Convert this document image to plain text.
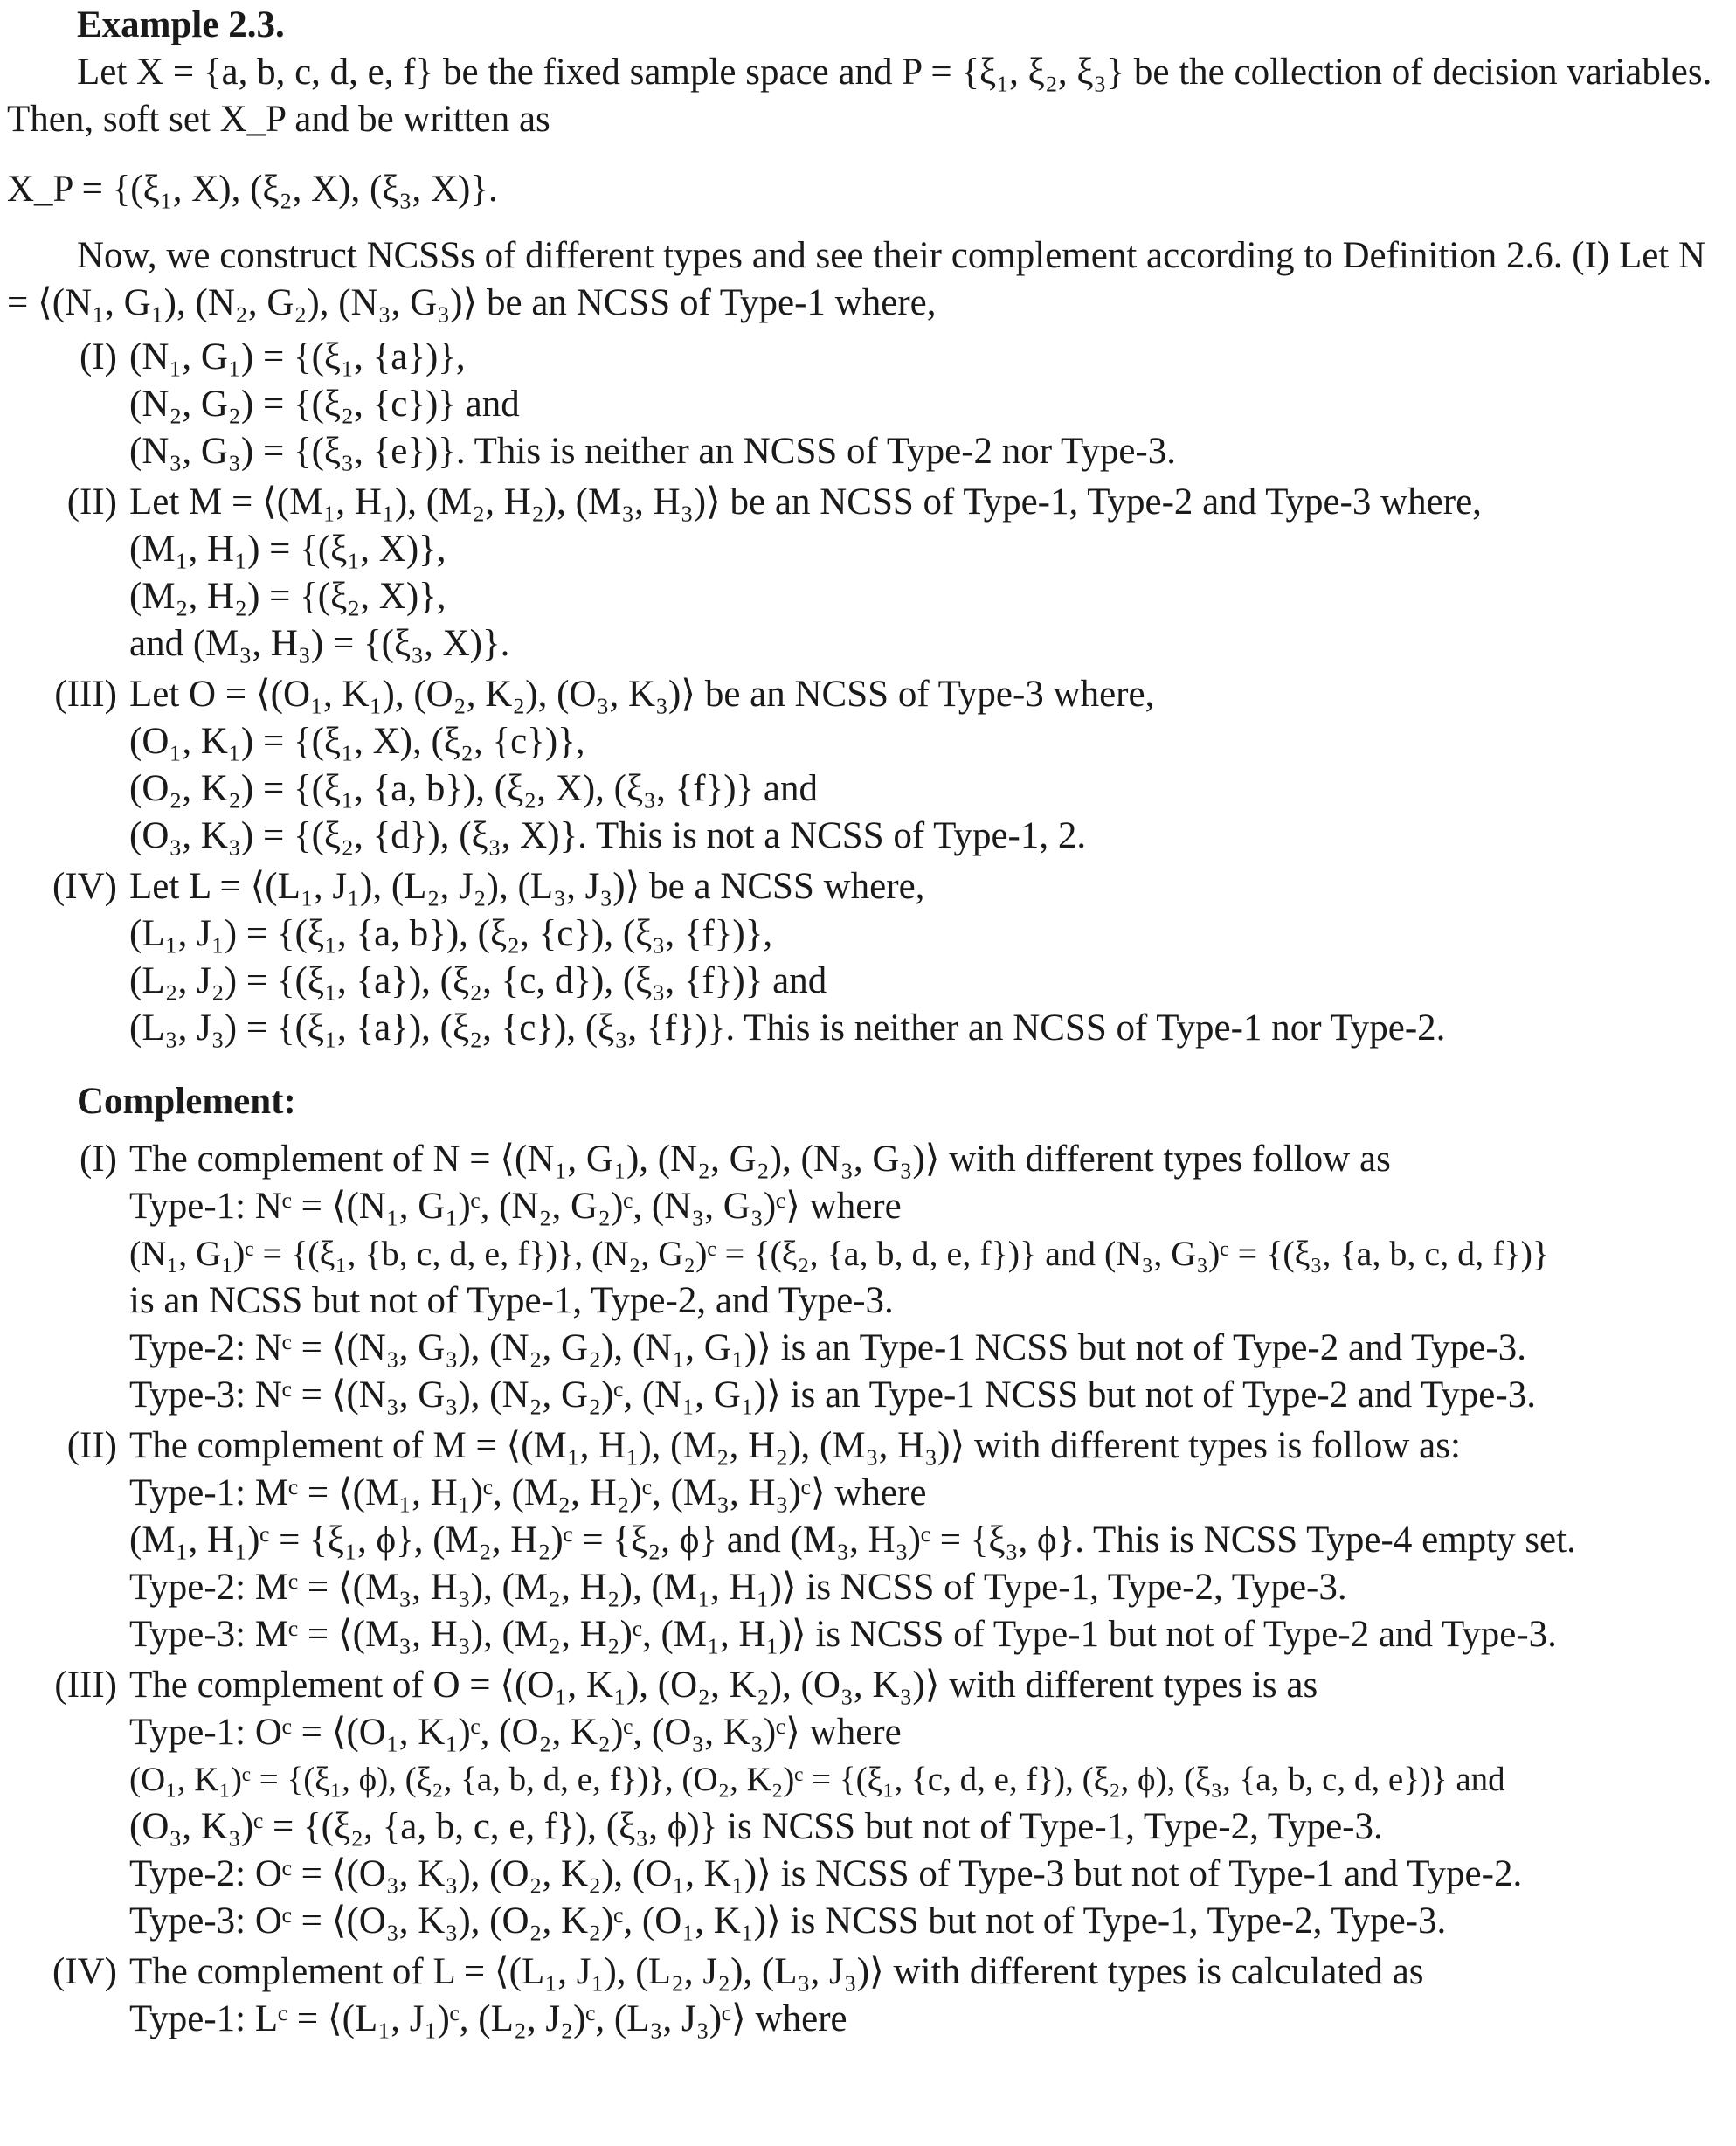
Example 2.3.

Let X = {a, b, c, d, e, f} be the fixed sample space and P = {ξ₁, ξ₂, ξ₃} be the collection of decision variables. Then, soft set X_P and be written as

X_P = {(ξ₁, X), (ξ₂, X), (ξ₃, X)}.

Now, we construct NCSSs of different types and see their complement according to Definition 2.6. (I) Let N = ⟨(N₁, G₁), (N₂, G₂), (N₃, G₃)⟩ be an NCSS of Type-1 where,

(I) (N₁, G₁) = {(ξ₁, {a})},
(N₂, G₂) = {(ξ₂, {c})} and
(N₃, G₃) = {(ξ₃, {e})}. This is neither an NCSS of Type-2 nor Type-3.
(II) Let M = ⟨(M₁, H₁), (M₂, H₂), (M₃, H₃)⟩ be an NCSS of Type-1, Type-2 and Type-3 where,
(M₁, H₁) = {(ξ₁, X)},
(M₂, H₂) = {(ξ₂, X)},
and (M₃, H₃) = {(ξ₃, X)}.
(III) Let O = ⟨(O₁, K₁), (O₂, K₂), (O₃, K₃)⟩ be an NCSS of Type-3 where,
(O₁, K₁) = {(ξ₁, X), (ξ₂, {c})},
(O₂, K₂) = {(ξ₁, {a, b}), (ξ₂, X), (ξ₃, {f})} and
(O₃, K₃) = {(ξ₂, {d}), (ξ₃, X)}. This is not a NCSS of Type-1, 2.
(IV) Let L = ⟨(L₁, J₁), (L₂, J₂), (L₃, J₃)⟩ be a NCSS where,
(L₁, J₁) = {(ξ₁, {a, b}), (ξ₂, {c}), (ξ₃, {f})},
(L₂, J₂) = {(ξ₁, {a}), (ξ₂, {c, d}), (ξ₃, {f})} and
(L₃, J₃) = {(ξ₁, {a}), (ξ₂, {c}), (ξ₃, {f})}. This is neither an NCSS of Type-1 nor Type-2.
Complement:
(I) The complement of N = ⟨(N₁, G₁), (N₂, G₂), (N₃, G₃)⟩ with different types follow as
Type-1: Nᶜ = ⟨(N₁, G₁)ᶜ, (N₂, G₂)ᶜ, (N₃, G₃)ᶜ⟩ where
(N₁, G₁)ᶜ = {(ξ₁, {b, c, d, e, f})}, (N₂, G₂)ᶜ = {(ξ₂, {a, b, d, e, f})} and (N₃, G₃)ᶜ = {(ξ₃, {a, b, c, d, f})}
is an NCSS but not of Type-1, Type-2, and Type-3.
Type-2: Nᶜ = ⟨(N₃, G₃), (N₂, G₂), (N₁, G₁)⟩ is an Type-1 NCSS but not of Type-2 and Type-3.
Type-3: Nᶜ = ⟨(N₃, G₃), (N₂, G₂)ᶜ, (N₁, G₁)⟩ is an Type-1 NCSS but not of Type-2 and Type-3.
(II) The complement of M = ⟨(M₁, H₁), (M₂, H₂), (M₃, H₃)⟩ with different types is follow as:
Type-1: Mᶜ = ⟨(M₁, H₁)ᶜ, (M₂, H₂)ᶜ, (M₃, H₃)ᶜ⟩ where
(M₁, H₁)ᶜ = {ξ₁, ϕ}, (M₂, H₂)ᶜ = {ξ₂, ϕ} and (M₃, H₃)ᶜ = {ξ₃, ϕ}. This is NCSS Type-4 empty set.
Type-2: Mᶜ = ⟨(M₃, H₃), (M₂, H₂), (M₁, H₁)⟩ is NCSS of Type-1, Type-2, Type-3.
Type-3: Mᶜ = ⟨(M₃, H₃), (M₂, H₂)ᶜ, (M₁, H₁)⟩ is NCSS of Type-1 but not of Type-2 and Type-3.
(III) The complement of O = ⟨(O₁, K₁), (O₂, K₂), (O₃, K₃)⟩ with different types is as
Type-1: Oᶜ = ⟨(O₁, K₁)ᶜ, (O₂, K₂)ᶜ, (O₃, K₃)ᶜ⟩ where
(O₁, K₁)ᶜ = {(ξ₁, ϕ), (ξ₂, {a, b, d, e, f})}, (O₂, K₂)ᶜ = {(ξ₁, {c, d, e, f}), (ξ₂, ϕ), (ξ₃, {a, b, c, d, e})} and
(O₃, K₃)ᶜ = {(ξ₂, {a, b, c, e, f}), (ξ₃, ϕ)} is NCSS but not of Type-1, Type-2, Type-3.
Type-2: Oᶜ = ⟨(O₃, K₃), (O₂, K₂), (O₁, K₁)⟩ is NCSS of Type-3 but not of Type-1 and Type-2.
Type-3: Oᶜ = ⟨(O₃, K₃), (O₂, K₂)ᶜ, (O₁, K₁)⟩ is NCSS but not of Type-1, Type-2, Type-3.
(IV) The complement of L = ⟨(L₁, J₁), (L₂, J₂), (L₃, J₃)⟩ with different types is calculated as
Type-1: Lᶜ = ⟨(L₁, J₁)ᶜ, (L₂, J₂)ᶜ, (L₃, J₃)ᶜ⟩ where
